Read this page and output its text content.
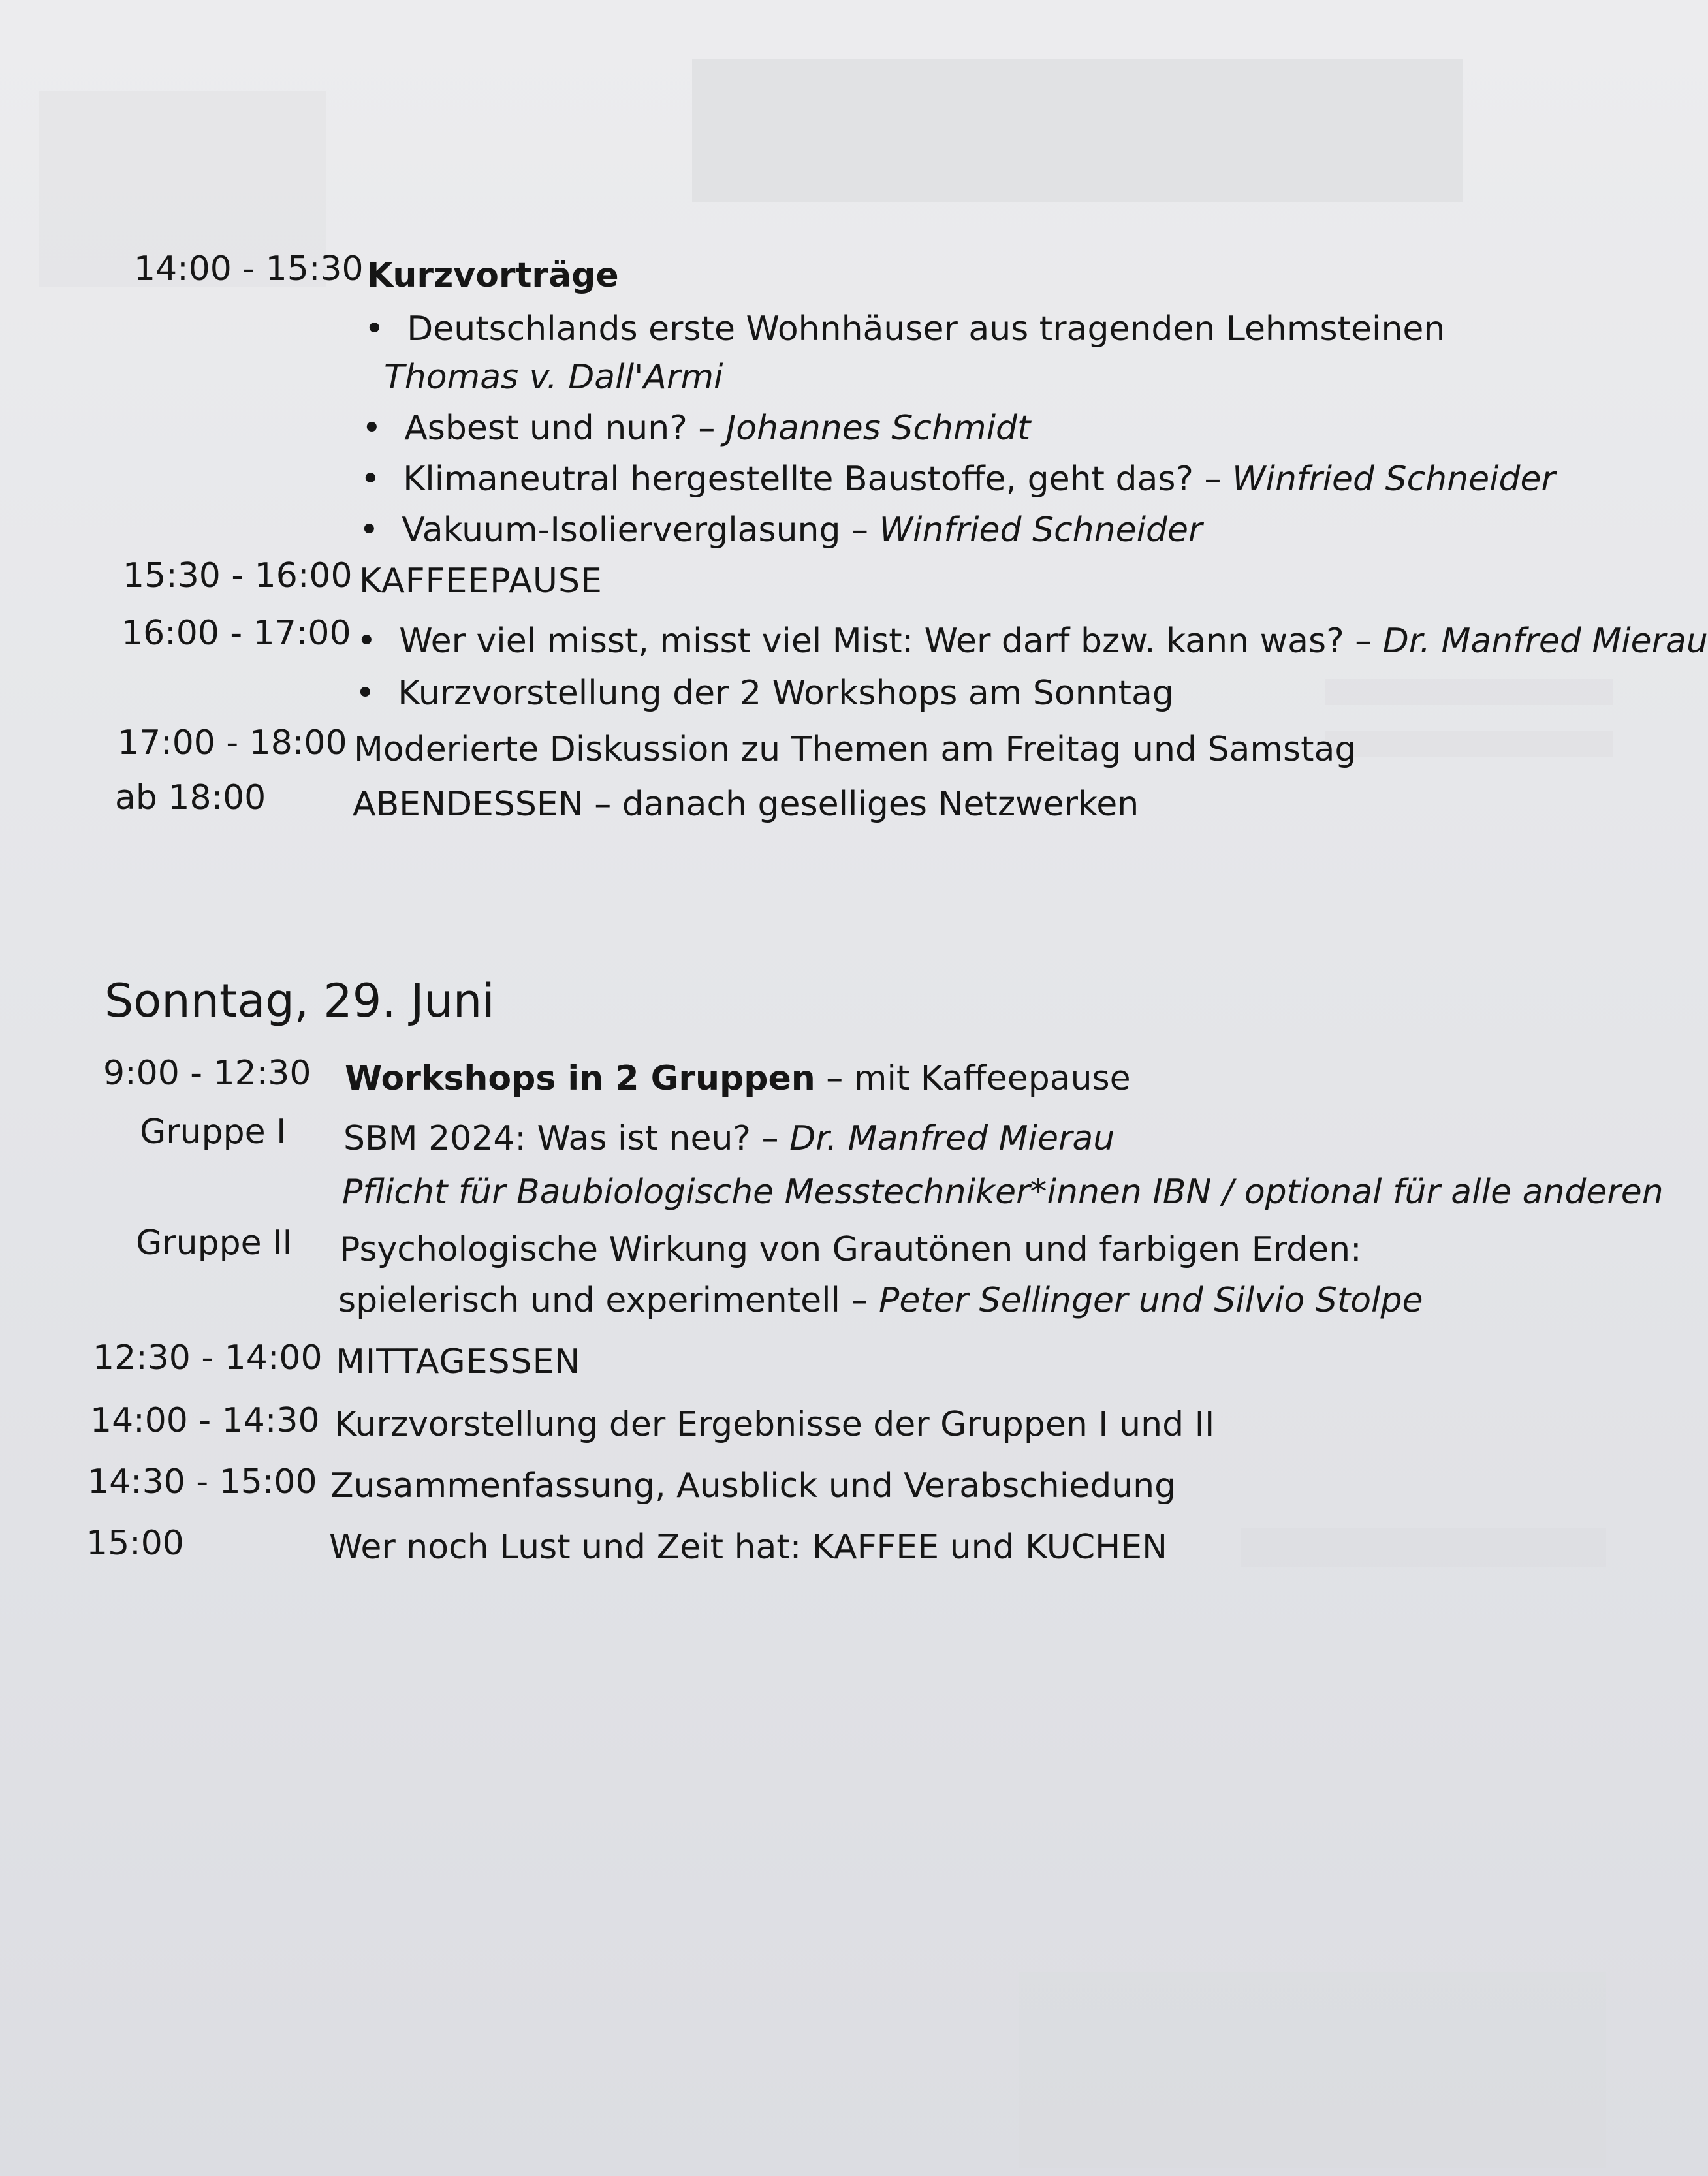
14:00 - 15:30 Kurzvorträge
• Deutschlands erste Wohnhäuser aus tragenden Lehmsteinen
Thomas v. Dall'Armi
• Asbest und nun? – Johannes Schmidt
• Klimaneutral hergestellte Baustoffe, geht das? – Winfried Schneider
• Vakuum-Isolierverglasung – Winfried Schneider
15:30 - 16:00 KAFFEEPAUSE
16:00 - 17:00
•	Wer viel misst, misst viel Mist: Wer darf bzw. kann was? – Dr. Manfred Mierau
• Kurzvorstellung der 2 Workshops am Sonntag
17:00 - 18:00 Moderierte Diskussion zu Themen am Freitag und Samstag
ab 18:00	ABENDESSEN – danach geselliges Netzwerken
Sonntag, 29. Juni
9:00 - 12:30 Workshops in 2 Gruppen – mit Kaffeepause
Gruppe I SBM 2024: Was ist neu? – Dr. Manfred Mierau
Pflicht für Baubiologische Messtechniker*innen IBN / optional für alle anderen
Gruppe II Psychologische Wirkung von Grautönen und farbigen Erden:
spielerisch und experimentell – Peter Sellinger und Silvio Stolpe
12:30 - 14:00 MITTAGESSEN
14:00 - 14:30 Kurzvorstellung der Ergebnisse der Gruppen I und II
14:30 - 15:00 Zusammenfassung, Ausblick und Verabschiedung
15:00	Wer noch Lust und Zeit hat: KAFFEE und KUCHEN
